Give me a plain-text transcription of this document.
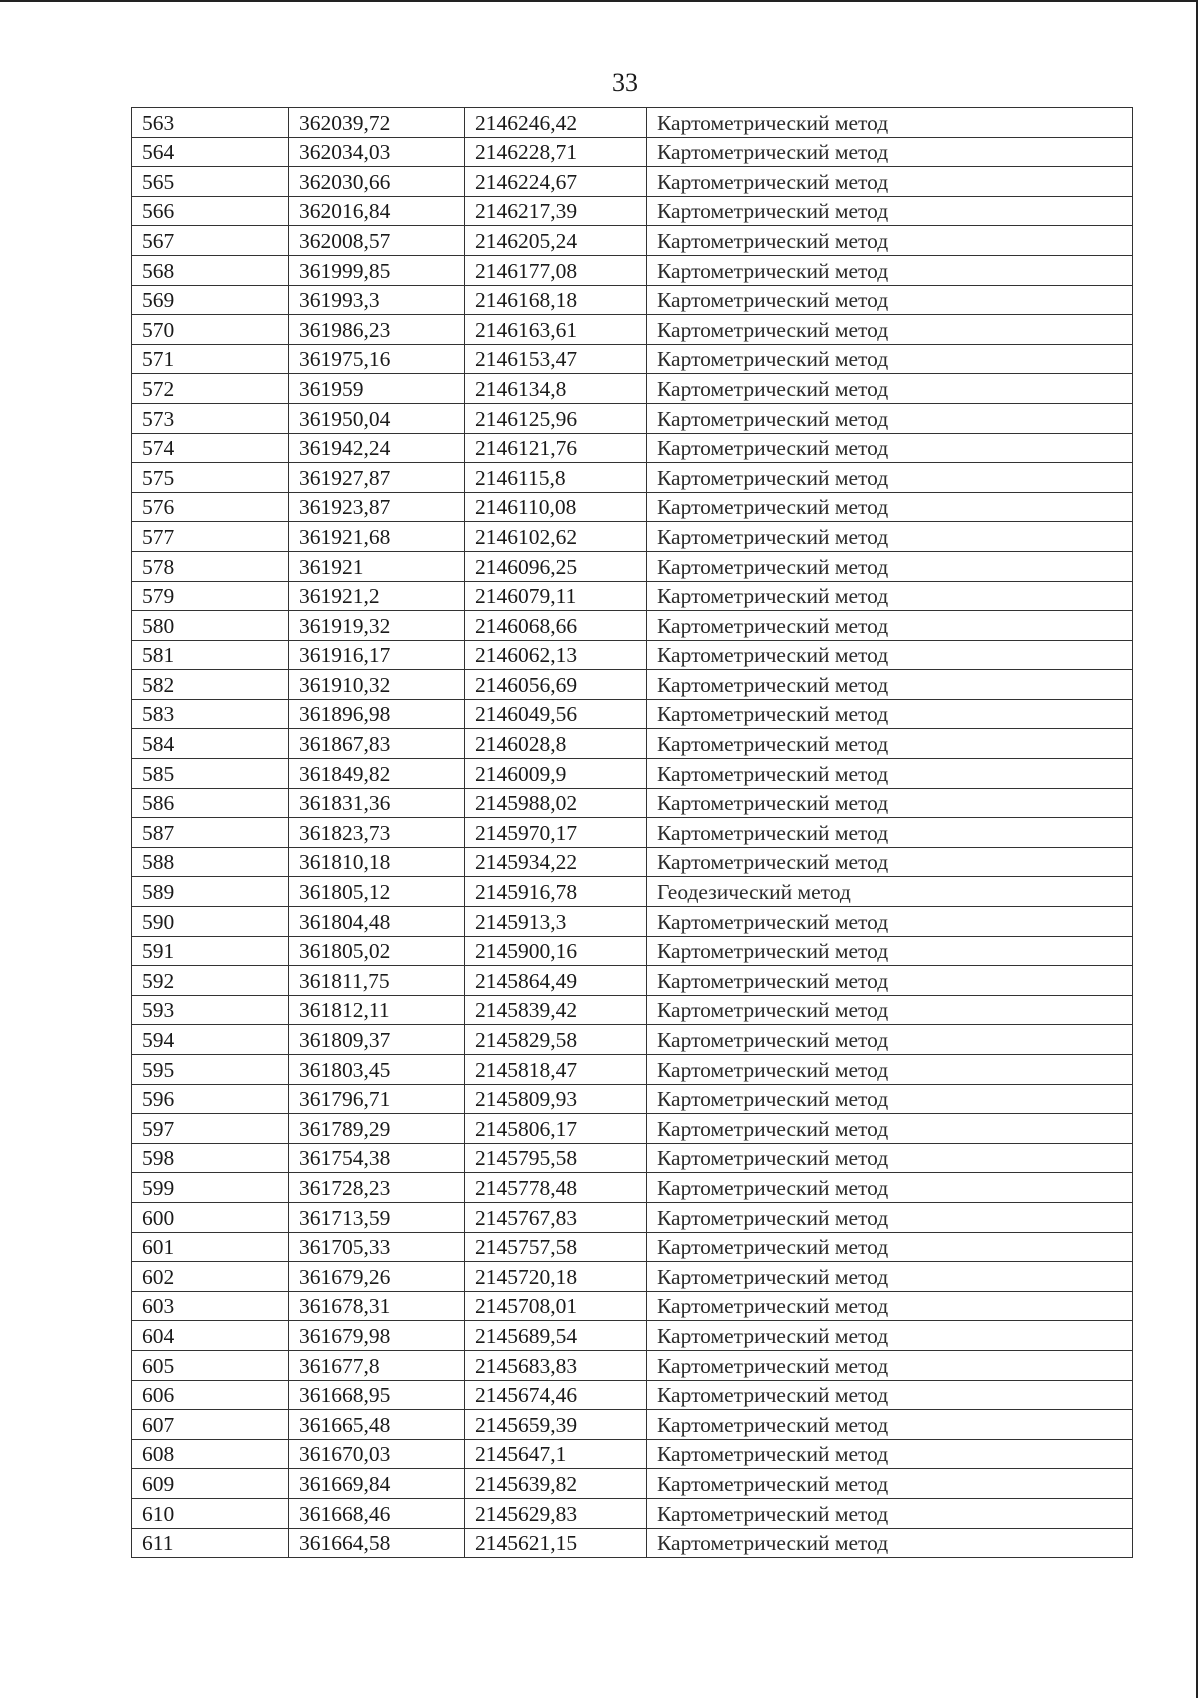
33
563	362039,72	2146246,42	Картометрический метод
564	362034,03	2146228,71	Картометрический метод
565	362030,66	2146224,67	Картометрический метод
566	362016,84	2146217,39	Картометрический метод
567	362008,57	2146205,24	Картометрический метод
568	361999,85	2146177,08	Картометрический метод
569	361993,3	2146168,18	Картометрический метод
570	361986,23	2146163,61	Картометрический метод
571	361975,16	2146153,47	Картометрический метод
572	361959	2146134,8	Картометрический метод
573	361950,04	2146125,96	Картометрический метод
574	361942,24	2146121,76	Картометрический метод
575	361927,87	2146115,8	Картометрический метод
576	361923,87	2146110,08	Картометрический метод
577	361921,68	2146102,62	Картометрический метод
578	361921	2146096,25	Картометрический метод
579	361921,2	2146079,11	Картометрический метод
580	361919,32	2146068,66	Картометрический метод
581	361916,17	2146062,13	Картометрический метод
582	361910,32	2146056,69	Картометрический метод
583	361896,98	2146049,56	Картометрический метод
584	361867,83	2146028,8	Картометрический метод
585	361849,82	2146009,9	Картометрический метод
586	361831,36	2145988,02	Картометрический метод
587	361823,73	2145970,17	Картометрический метод
588	361810,18	2145934,22	Картометрический метод
589	361805,12	2145916,78	Геодезический метод
590	361804,48	2145913,3	Картометрический метод
591	361805,02	2145900,16	Картометрический метод
592	361811,75	2145864,49	Картометрический метод
593	361812,11	2145839,42	Картометрический метод
594	361809,37	2145829,58	Картометрический метод
595	361803,45	2145818,47	Картометрический метод
596	361796,71	2145809,93	Картометрический метод
597	361789,29	2145806,17	Картометрический метод
598	361754,38	2145795,58	Картометрический метод
599	361728,23	2145778,48	Картометрический метод
600	361713,59	2145767,83	Картометрический метод
601	361705,33	2145757,58	Картометрический метод
602	361679,26	2145720,18	Картометрический метод
603	361678,31	2145708,01	Картометрический метод
604	361679,98	2145689,54	Картометрический метод
605	361677,8	2145683,83	Картометрический метод
606	361668,95	2145674,46	Картометрический метод
607	361665,48	2145659,39	Картометрический метод
608	361670,03	2145647,1	Картометрический метод
609	361669,84	2145639,82	Картометрический метод
610	361668,46	2145629,83	Картометрический метод
611	361664,58	2145621,15	Картометрический метод
